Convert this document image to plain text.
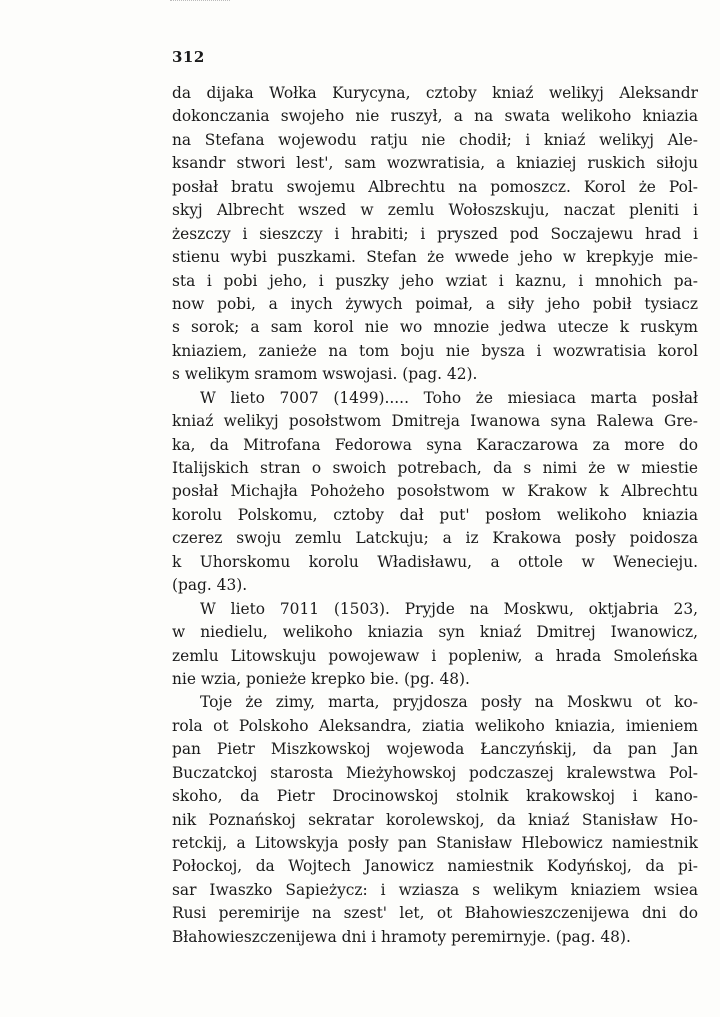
312
da dijaka Wołka Kurycyna, cztoby kniaź welikyj Aleksandr
dokonczania swojeho nie ruszył, a na swata welikoho kniazia
na Stefana wojewodu ratju nie chodił; i kniaź welikyj Ale-
ksandr stwori lest', sam wozwratisia, a kniaziej ruskich siłoju
posłał bratu swojemu Albrechtu na pomoszcz. Korol że Pol-
skyj Albrecht wszed w zemlu Wołoszskuju, naczat pleniti i
żeszczy i sieszczy i hrabiti; i pryszed pod Soczajewu hrad i
stienu wybi puszkami. Stefan że wwede jeho w krepkyje mie-
sta i pobi jeho, i puszky jeho wziat i kaznu, i mnohich pa-
now pobi, a inych żywych poimał, a siły jeho pobił tysiacz
s sorok; a sam korol nie wo mnozie jedwa utecze k ruskym
kniaziem, zanieże na tom boju nie bysza i wozwratisia korol
s welikym sramom wswojasi. (pag. 42).
W lieto 7007 (1499)..... Toho że miesiaca marta posłał
kniaź welikyj posołstwom Dmitreja Iwanowa syna Ralewa Gre-
ka, da Mitrofana Fedorowa syna Karaczarowa za more do
Italijskich stran o swoich potrebach, da s nimi że w miestie
posłał Michajła Pohożeho posołstwom w Krakow k Albrechtu
korolu Polskomu, cztoby dał put' posłom welikoho kniazia
czerez swoju zemlu Latckuju; a iz Krakowa posły poidosza
k Uhorskomu korolu Władisławu, a ottole w Wenecieju.
(pag. 43).
W lieto 7011 (1503). Pryjde na Moskwu, oktjabria 23,
w niedielu, welikoho kniazia syn kniaź Dmitrej Iwanowicz,
zemlu Litowskuju powojewaw i popleniw, a hrada Smoleńska
nie wzia, ponieże krepko bie. (pg. 48).
Toje że zimy, marta, pryjdosza posły na Moskwu ot ko-
rola ot Polskoho Aleksandra, ziatia welikoho kniazia, imieniem
pan Pietr Miszkowskoj wojewoda Łanczyńskij, da pan Jan
Buczatckoj starosta Mieżyhowskoj podczaszej kralewstwa Pol-
skoho, da Pietr Drocinowskoj stolnik krakowskoj i kano-
nik Poznańskoj sekratar korolewskoj, da kniaź Stanisław Ho-
retckij, a Litowskyja posły pan Stanisław Hlebowicz namiestnik
Połockoj, da Wojtech Janowicz namiestnik Kodyńskoj, da pi-
sar Iwaszko Sapieżycz: i wziasza s welikym kniaziem wsiea
Rusi peremirije na szest' let, ot Błahowieszczenijewa dni do
Błahowieszczenijewa dni i hramoty peremirnyje. (pag. 48).
